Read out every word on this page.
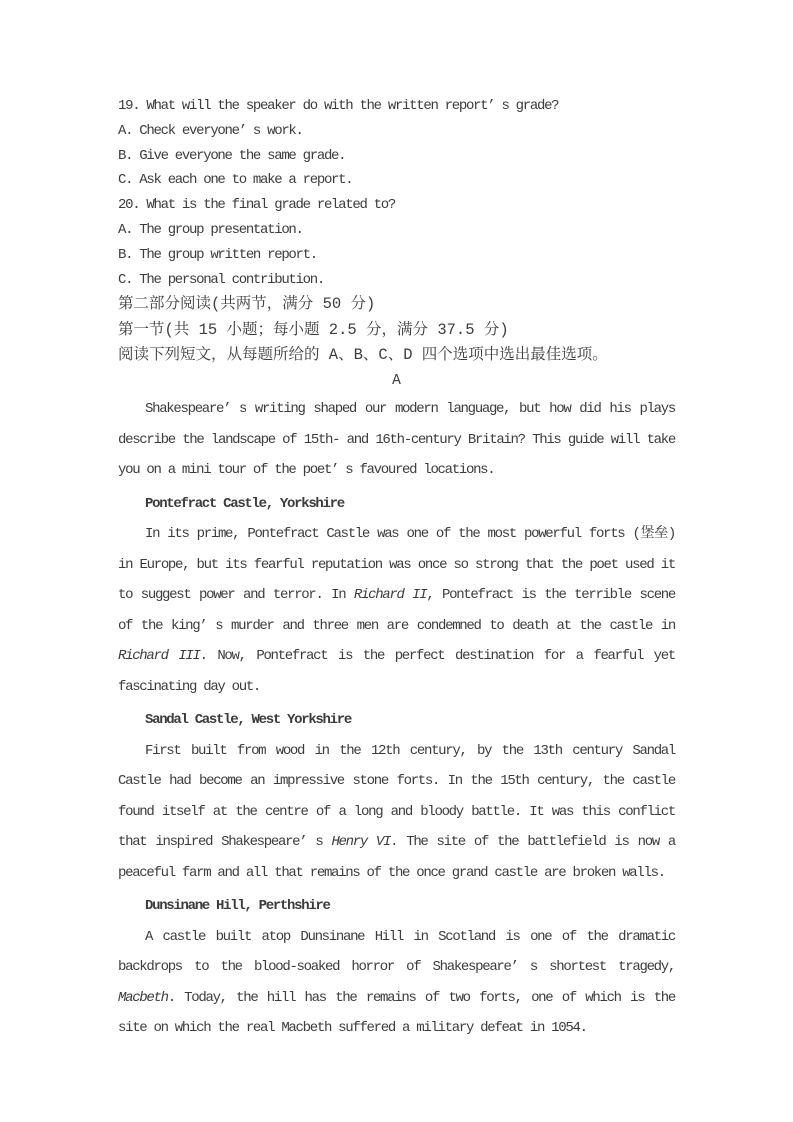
19. What will the speaker do with the written report’ s grade?
A. Check everyone’ s work.
B. Give everyone the same grade.
C. Ask each one to make a report.
20. What is the final grade related to?
A. The group presentation.
B. The group written report.
C. The personal contribution.
第二部分阅读(共两节，满分 50 分)
第一节(共 15 小题；每小题 2.5 分，满分 37.5 分)
阅读下列短文，从每题所给的 A、B、C、D 四个选项中选出最佳选项。
A
Shakespeare’ s writing shaped our modern language, but how did his plays describe the landscape of 15th- and 16th-century Britain? This guide will take you on a mini tour of the poet’ s favoured locations.
Pontefract Castle, Yorkshire
In its prime, Pontefract Castle was one of the most powerful forts (堡垒) in Europe, but its fearful reputation was once so strong that the poet used it to suggest power and terror. In Richard II, Pontefract is the terrible scene of the king’ s murder and three men are condemned to death at the castle in Richard III. Now, Pontefract is the perfect destination for a fearful yet fascinating day out.
Sandal Castle, West Yorkshire
First built from wood in the 12th century, by the 13th century Sandal Castle had become an impressive stone forts. In the 15th century, the castle found itself at the centre of a long and bloody battle. It was this conflict that inspired Shakespeare’ s Henry VI. The site of the battlefield is now a peaceful farm and all that remains of the once grand castle are broken walls.
Dunsinane Hill, Perthshire
A castle built atop Dunsinane Hill in Scotland is one of the dramatic backdrops to the blood-soaked horror of Shakespeare’ s shortest tragedy, Macbeth. Today, the hill has the remains of two forts, one of which is the site on which the real Macbeth suffered a military defeat in 1054.
